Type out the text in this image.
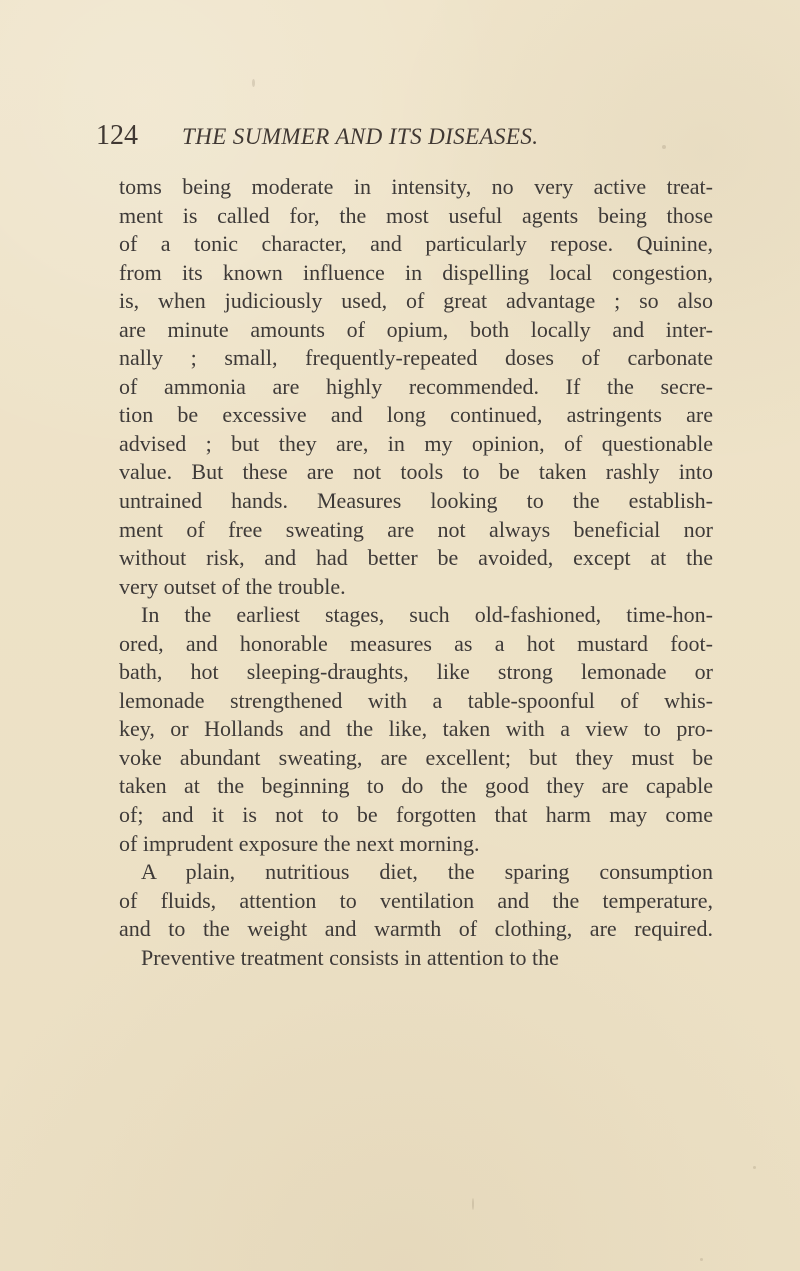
124	THE SUMMER AND ITS DISEASES.
toms being moderate in intensity, no very active treat-
ment is called for, the most useful agents being those
of a tonic character, and particularly repose. Quinine,
from its known influence in dispelling local congestion,
is, when judiciously used, of great advantage ; so also
are minute amounts of opium, both locally and inter-
nally ; small, frequently-repeated doses of carbonate
of ammonia are highly recommended. If the secre-
tion be excessive and long continued, astringents are
advised ; but they are, in my opinion, of questionable
value. But these are not tools to be taken rashly into
untrained hands. Measures looking to the establish-
ment of free sweating are not always beneficial nor
without risk, and had better be avoided, except at the
very outset of the trouble.
In the earliest stages, such old-fashioned, time-hon-
ored, and honorable measures as a hot mustard foot-
bath, hot sleeping-draughts, like strong lemonade or
lemonade strengthened with a table-spoonful of whis-
key, or Hollands and the like, taken with a view to pro-
voke abundant sweating, are excellent; but they must be
taken at the beginning to do the good they are capable
of; and it is not to be forgotten that harm may come
of imprudent exposure the next morning.
A plain, nutritious diet, the sparing consumption
of fluids, attention to ventilation and the temperature,
and to the weight and warmth of clothing, are required.
Preventive treatment consists in attention to the
